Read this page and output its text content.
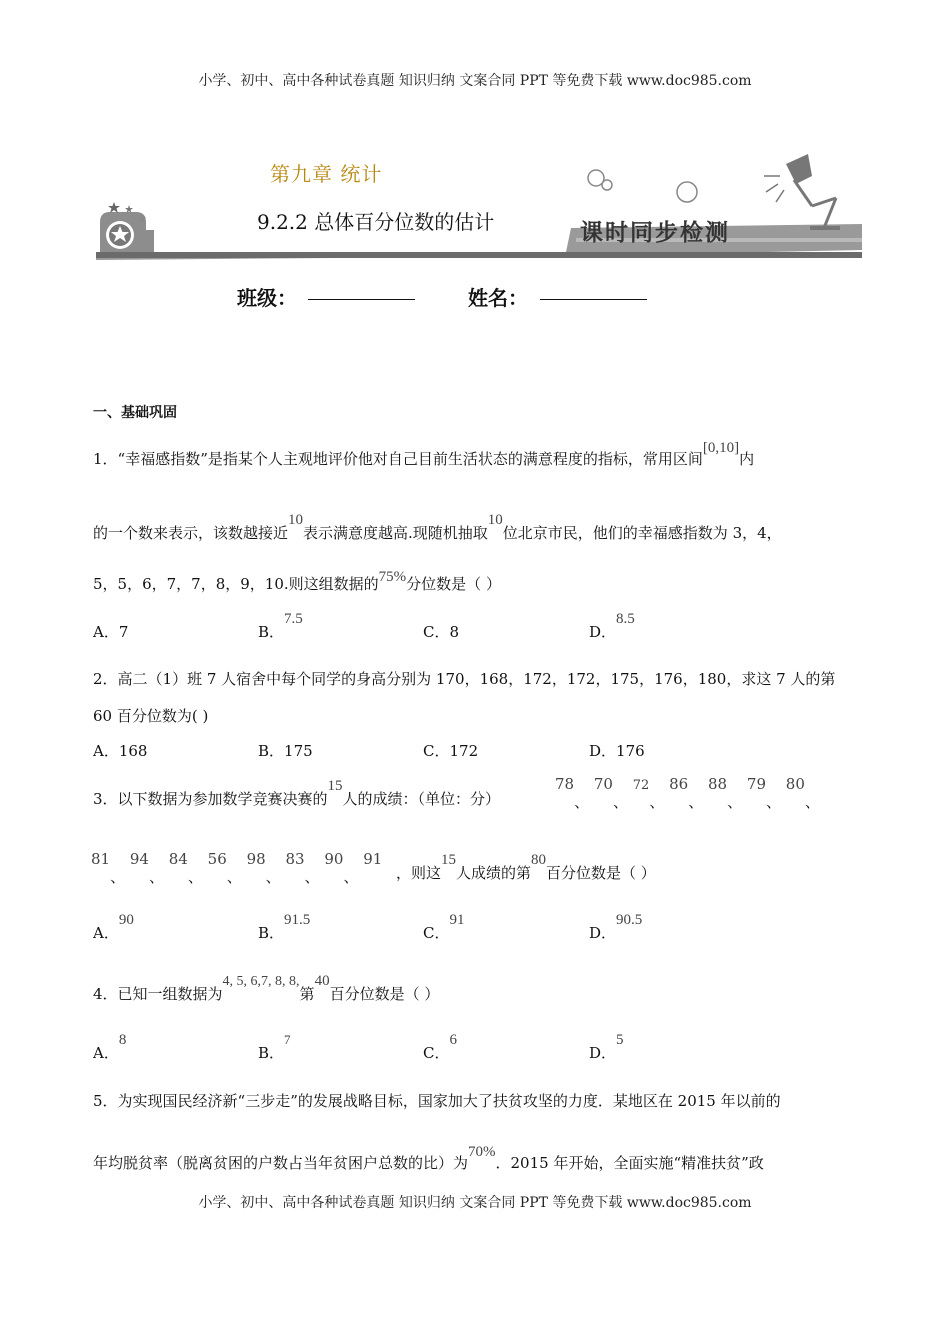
小学、初中、高中各种试卷真题 知识归纳 文案合同 PPT 等免费下载 www.doc985.com
第九章 统计
9.2.2 总体百分位数的估计	课时同步检测
班级：	姓名：
一、基础巩固
1．“幸福感指数”是指某个人主观地评价他对自己目前生活状态的满意程度的指标，常用区间[0,10]内
的一个数来表示，该数越接近10表示满意度越高.现随机抽取10位北京市民，他们的幸福感指数为 3，4，
5，5，6，7，7，8，9，10.则这组数据的75%分位数是（ ）
A．7	B．7.5
C．8	D．8.5
2．高二（1）班 7 人宿舍中每个同学的身高分别为 170，168，172，172，175，176，180，求这 7 人的第
60 百分位数为( )
A．168	B．175	C．172	D．176
3．以下数据为参加数学竞赛决赛的15人的成绩：（单位：分）
78、 70、 72、 86、 88、 79、 80、
81、 94、 84、 56、 98、 83、 90、 91
，则这15人成绩的第80百分位数是（ ）
A．90
B．91.5
C．91
D．90.5
4．已知一组数据为4, 5, 6,7, 8, 8,第40百分位数是（ ）
A．8
B．7
C．6
D．5
5．为实现国民经济新“三步走”的发展战略目标，国家加大了扶贫攻坚的力度．某地区在 2015 年以前的
年均脱贫率（脱离贫困的户数占当年贫困户总数的比）为70%．2015 年开始，全面实施“精准扶贫”政
小学、初中、高中各种试卷真题 知识归纳 文案合同 PPT 等免费下载 www.doc985.com
